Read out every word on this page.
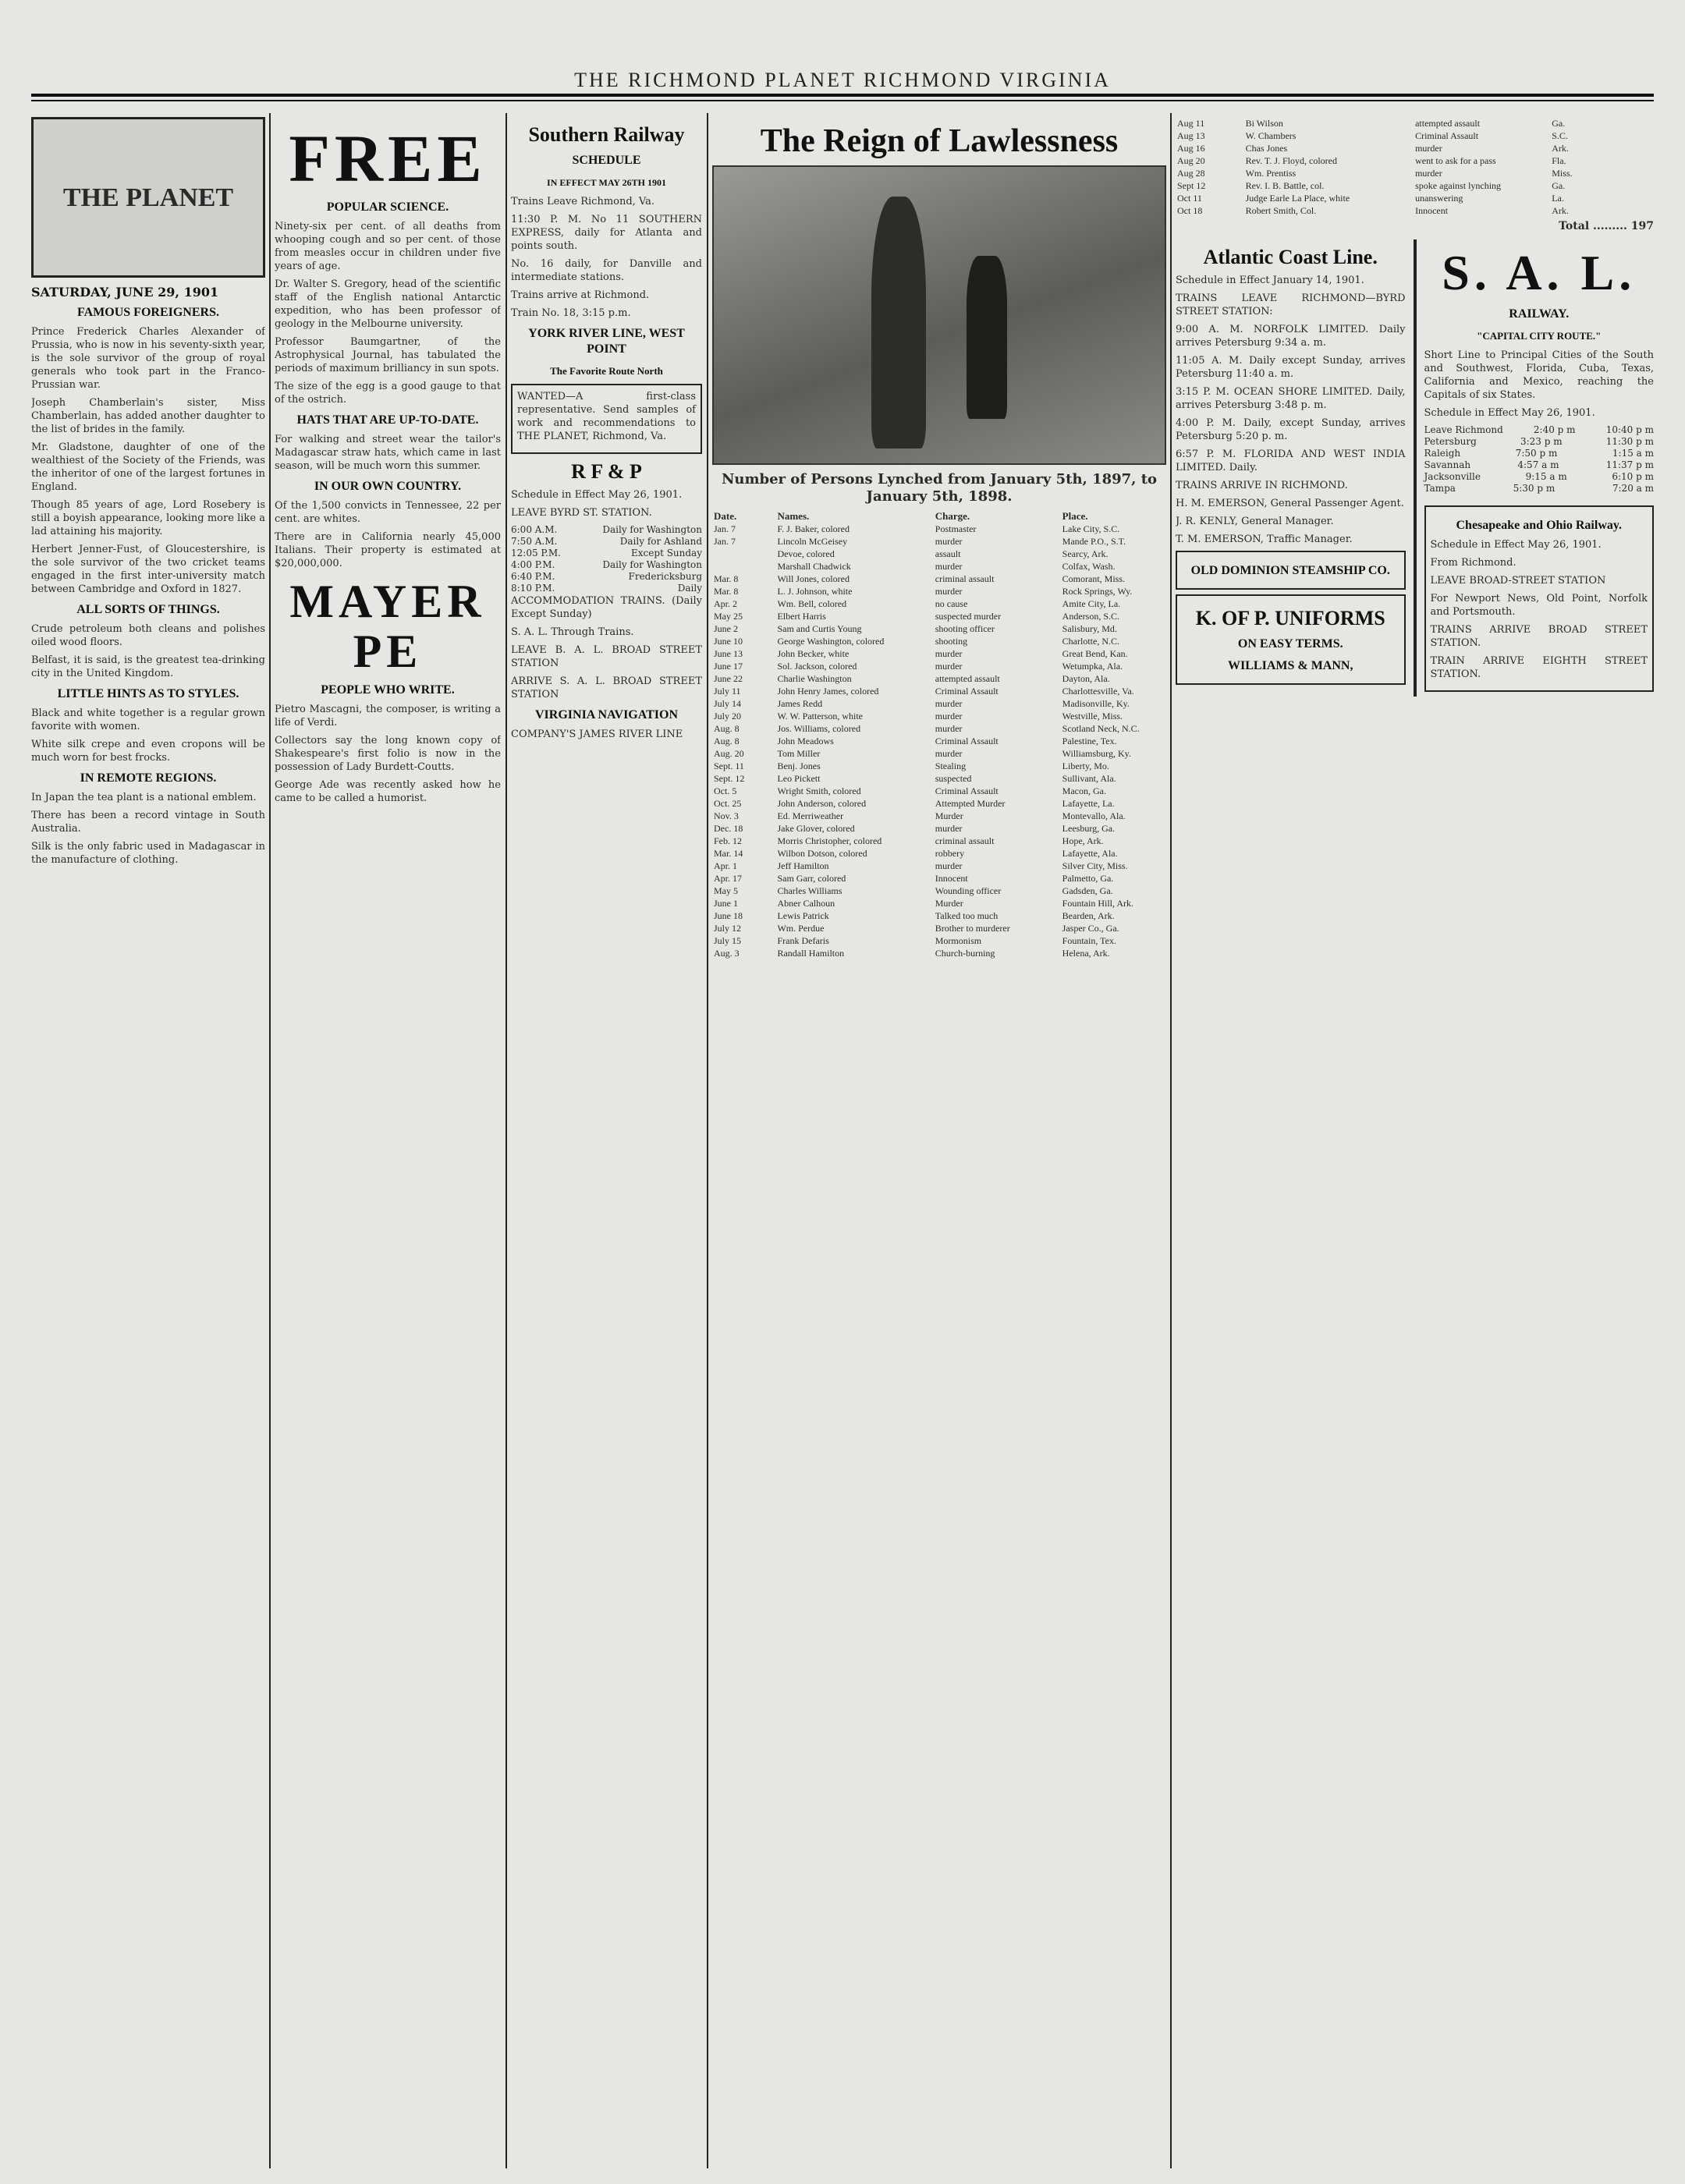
THE RICHMOND PLANET RICHMOND VIRGINIA
THE PLANET
SATURDAY, JUNE 29, 1901
FAMOUS FOREIGNERS.

Prince Frederick Charles Alexander of Prussia, who is now in his seventy-sixth year, is the sole survivor of the group of royal generals who took part in the Franco-Prussian war.

Joseph Chamberlain's sister, Miss Chamberlain, has added another daughter to the list of brides in the family.

Mr. Gladstone, daughter of one of the wealthiest of the Society of the Friends, was the inheritor of one of the largest fortunes in England.

Though 85 years of age, Lord Rosebery is still a boyish appearance, looking more like a lad attaining his majority.

Herbert Jenner-Fust, of Gloucestershire, is the sole survivor of the two cricket teams engaged in the first inter-university match between Cambridge and Oxford in 1827.

ALL SORTS OF THINGS.

Crude petroleum both cleans and polishes oiled wood floors.

Belfast, it is said, is the greatest tea-drinking city in the United Kingdom.

LITTLE HINTS AS TO STYLES.

Black and white together is a regular grown favorite with women.

White silk crepe and even cropons will be much worn for best frocks.

IN REMOTE REGIONS.

In Japan the tea plant is a national emblem.

There has been a record vintage in South Australia.

Silk is the only fabric used in Madagascar in the manufacture of clothing.

FREE
POPULAR SCIENCE.

Ninety-six per cent. of all deaths from whooping cough and so per cent. of those from measles occur in children under five years of age.

Dr. Walter S. Gregory, head of the scientific staff of the English national Antarctic expedition, who has been professor of geology in the Melbourne university.

Professor Baumgartner, of the Astrophysical Journal, has tabulated the periods of maximum brilliancy in sun spots.

The size of the egg is a good gauge to that of the ostrich.

HATS THAT ARE UP-TO-DATE.

For walking and street wear the tailor's Madagascar straw hats, which came in last season, will be much worn this summer.

IN OUR OWN COUNTRY.

Of the 1,500 convicts in Tennessee, 22 per cent. are whites.

There are in California nearly 45,000 Italians. Their property is estimated at $20,000,000.

MAYER PE
PEOPLE WHO WRITE.

Pietro Mascagni, the composer, is writing a life of Verdi.

Collectors say the long known copy of Shakespeare's first folio is now in the possession of Lady Burdett-Coutts.

George Ade was recently asked how he came to be called a humorist.

Southern Railway
SCHEDULE
IN EFFECT MAY 26TH 1901

Trains Leave Richmond, Va.

11:30 P. M. No 11 SOUTHERN EXPRESS, daily for Atlanta and points south.

No. 16 daily, for Danville and intermediate stations.

Trains arrive at Richmond.

Train No. 18, 3:15 p.m.

YORK RIVER LINE, WEST POINT
The Favorite Route North

WANTED—A first-class representative. Send samples of work and recommendations to THE PLANET, Richmond, Va.

R F & P

Schedule in Effect May 26, 1901.

LEAVE BYRD ST. STATION.

6:00 A.M.	Daily for Washington
7:50 A.M.	Daily for Ashland
12:05 P.M.	Except Sunday
4:00 P.M.	Daily for Washington
6:40 P.M.	Fredericksburg
8:10 P.M.	Daily

ACCOMMODATION TRAINS. (Daily Except Sunday)

S. A. L. Through Trains.

LEAVE B. A. L. BROAD STREET STATION

ARRIVE S. A. L. BROAD STREET STATION

VIRGINIA NAVIGATION

COMPANY'S JAMES RIVER LINE

The Reign of Lawlessness
Number of Persons Lynched from January 5th, 1897, to January 5th, 1898.
Date.	Names.	Charge.	Place.
Jan. 7	F. J. Baker, colored	Postmaster	Lake City, S.C.
Jan. 7	Lincoln McGeisey	murder	Mande P.O., S.T.
	Devoe, colored	assault	Searcy, Ark.
	Marshall Chadwick	murder	Colfax, Wash.
Mar. 8	Will Jones, colored	criminal assault	Comorant, Miss.
Mar. 8	L. J. Johnson, white	murder	Rock Springs, Wy.
Apr. 2	Wm. Bell, colored	no cause	Amite City, La.
May 25	Elbert Harris	suspected murder	Anderson, S.C.
June 2	Sam and Curtis Young	shooting officer	Salisbury, Md.
June 10	George Washington, colored	shooting	Charlotte, N.C.
June 13	John Becker, white	murder	Great Bend, Kan.
June 17	Sol. Jackson, colored	murder	Wetumpka, Ala.
June 22	Charlie Washington	attempted assault	Dayton, Ala.
July 11	John Henry James, colored	Criminal Assault	Charlottesville, Va.
July 14	James Redd	murder	Madisonville, Ky.
July 20	W. W. Patterson, white	murder	Westville, Miss.
Aug. 8	Jos. Williams, colored	murder	Scotland Neck, N.C.
Aug. 8	John Meadows	Criminal Assault	Palestine, Tex.
Aug. 20	Tom Miller	murder	Williamsburg, Ky.
Sept. 11	Benj. Jones	Stealing	Liberty, Mo.
Sept. 12	Leo Pickett	suspected	Sullivant, Ala.
Oct. 5	Wright Smith, colored	Criminal Assault	Macon, Ga.
Oct. 25	John Anderson, colored	Attempted Murder	Lafayette, La.
Nov. 3	Ed. Merriweather	Murder	Montevallo, Ala.
Dec. 18	Jake Glover, colored	murder	Leesburg, Ga.
Feb. 12	Morris Christopher, colored	criminal assault	Hope, Ark.
Mar. 14	Wilbon Dotson, colored	robbery	Lafayette, Ala.
Apr. 1	Jeff Hamilton	murder	Silver City, Miss.
Apr. 17	Sam Garr, colored	Innocent	Palmetto, Ga.
May 5	Charles Williams	Wounding officer	Gadsden, Ga.
June 1	Abner Calhoun	Murder	Fountain Hill, Ark.
June 18	Lewis Patrick	Talked too much	Bearden, Ark.
July 12	Wm. Perdue	Brother to murderer	Jasper Co., Ga.
July 15	Frank Defaris	Mormonism	Fountain, Tex.
Aug. 3	Randall Hamilton	Church-burning	Helena, Ark.
Aug 11	Bi Wilson	attempted assault	Ga.
Aug 13	W. Chambers	Criminal Assault	S.C.
Aug 16	Chas Jones	murder	Ark.
Aug 20	Rev. T. J. Floyd, colored	went to ask for a pass	Fla.
Aug 28	Wm. Prentiss	murder	Miss.
Sept 12	Rev. I. B. Battle, col.	spoke against lynching	Ga.
Oct 11	Judge Earle La Place, white	unanswering	La.
Oct 18	Robert Smith, Col.	Innocent	Ark.
Total ......... 197
Atlantic Coast Line.

Schedule in Effect January 14, 1901.

TRAINS LEAVE RICHMOND—BYRD STREET STATION:

9:00 A. M. NORFOLK LIMITED. Daily arrives Petersburg 9:34 a. m.

11:05 A. M. Daily except Sunday, arrives Petersburg 11:40 a. m.

3:15 P. M. OCEAN SHORE LIMITED. Daily, arrives Petersburg 3:48 p. m.

4:00 P. M. Daily, except Sunday, arrives Petersburg 5:20 p. m.

6:57 P. M. FLORIDA AND WEST INDIA LIMITED. Daily.

TRAINS ARRIVE IN RICHMOND.

H. M. EMERSON, General Passenger Agent.

J. R. KENLY, General Manager.

T. M. EMERSON, Traffic Manager.

OLD DOMINION STEAMSHIP CO.
K. OF P. UNIFORMS
ON EASY TERMS.
WILLIAMS & MANN,
S. A. L.
RAILWAY.
"CAPITAL CITY ROUTE."

Short Line to Principal Cities of the South and Southwest, Florida, Cuba, Texas, California and Mexico, reaching the Capitals of six States.

Schedule in Effect May 26, 1901.

Leave Richmond	2:40 p m	10:40 p m
Petersburg	3:23 p m	11:30 p m
Raleigh	7:50 p m	1:15 a m
Savannah	4:57 a m	11:37 p m
Jacksonville	9:15 a m	6:10 p m
Tampa	5:30 p m	7:20 a m
Chesapeake and Ohio Railway.

Schedule in Effect May 26, 1901.

From Richmond.

LEAVE BROAD-STREET STATION

For Newport News, Old Point, Norfolk and Portsmouth.

TRAINS ARRIVE BROAD STREET STATION.

TRAIN ARRIVE EIGHTH STREET STATION.
